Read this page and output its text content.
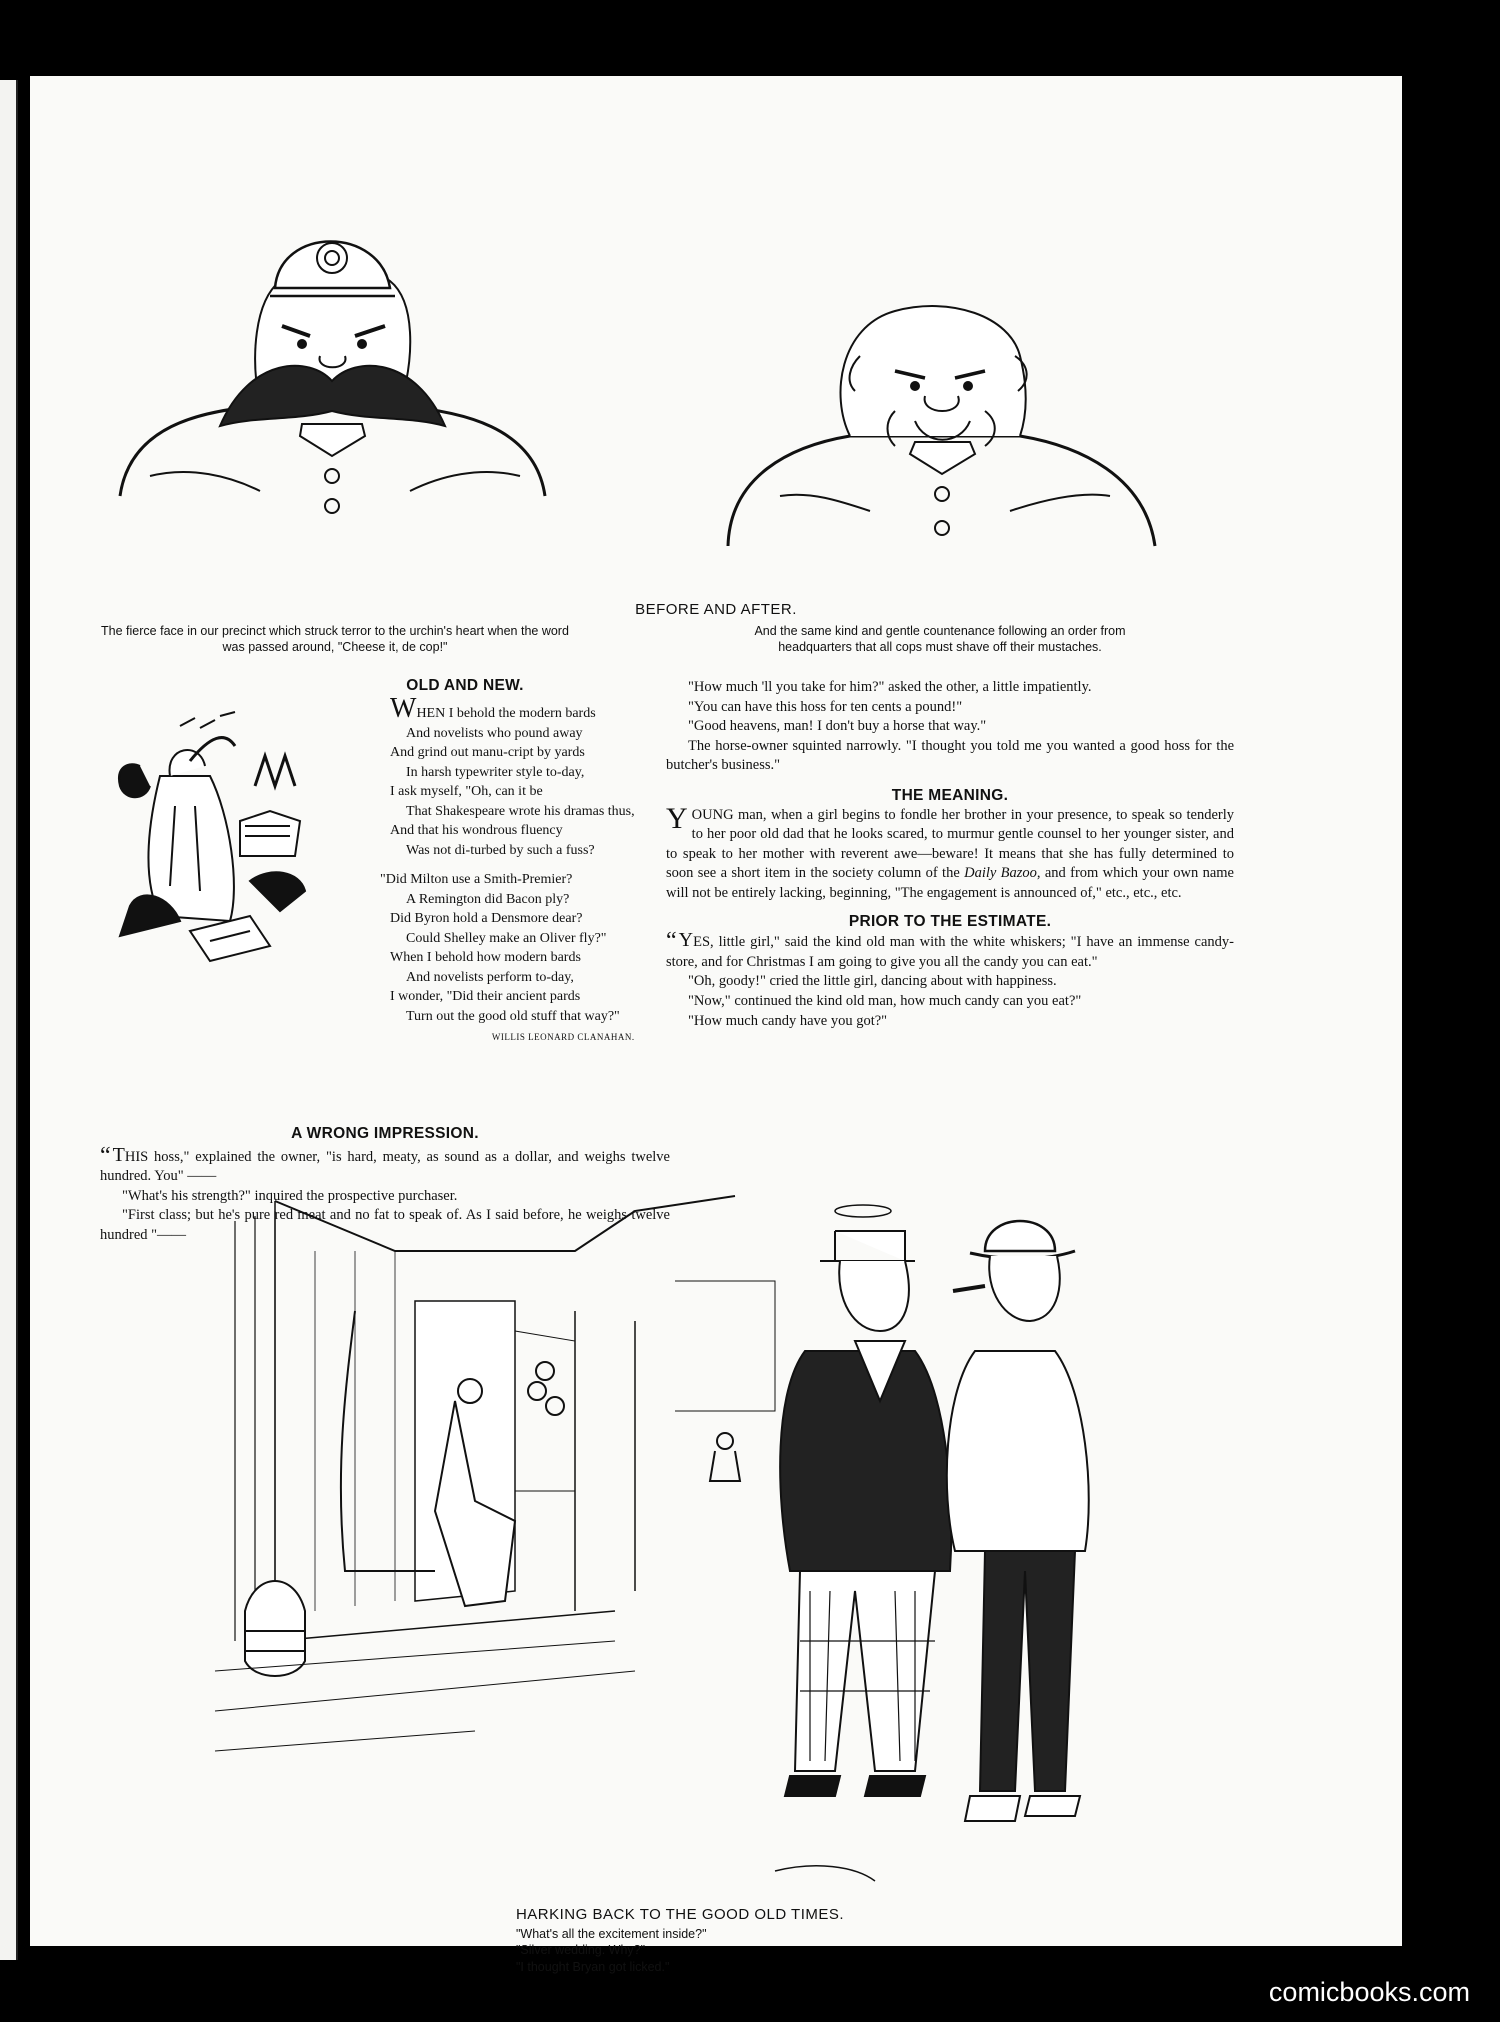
BEFORE AND AFTER.
The fierce face in our precinct which struck terror to the urchin's heart when the word was passed around, "Cheese it, de cop!"
And the same kind and gentle countenance following an order from headquarters that all cops must shave off their mustaches.
OLD AND NEW.
WHEN I behold the modern bards
And novelists who pound away
And grind out manu-cript by yards
In harsh typewriter style to-day,
I ask myself, "Oh, can it be
That Shakespeare wrote his dramas thus,
And that his wondrous fluency
Was not di-turbed by such a fuss?
"Did Milton use a Smith-Premier?
A Remington did Bacon ply?
Did Byron hold a Densmore dear?
Could Shelley make an Oliver fly?"
When I behold how modern bards
And novelists perform to-day,
I wonder, "Did their ancient pards
Turn out the good old stuff that way?"
WILLIS LEONARD CLANAHAN.
A WRONG IMPRESSION.

“ THIS hoss," explained the owner, "is hard, meaty, as sound as a dollar, and weighs twelve hundred. You" ——

"What's his strength?" inquired the prospective purchaser.

"First class; but he's pure red meat and no fat to speak of. As I said before, he weighs twelve hundred "——

"How much 'll you take for him?" asked the other, a little impatiently.

"You can have this hoss for ten cents a pound!"

"Good heavens, man! I don't buy a horse that way."

The horse-owner squinted narrowly. "I thought you told me you wanted a good hoss for the butcher's business."

THE MEANING.

YOUNG man, when a girl begins to fondle her brother in your presence, to speak so tenderly to her poor old dad that he looks scared, to murmur gentle counsel to her younger sister, and to speak to her mother with reverent awe—beware! It means that she has fully determined to soon see a short item in the society column of the Daily Bazoo, and from which your own name will not be entirely lacking, beginning, "The engagement is announced of," etc., etc., etc.

PRIOR TO THE ESTIMATE.

“ YES, little girl," said the kind old man with the white whiskers; "I have an immense candy-store, and for Christmas I am going to give you all the candy you can eat."

"Oh, goody!" cried the little girl, dancing about with happiness.

"Now," continued the kind old man, how much candy can you eat?"

"How much candy have you got?"

HARKING BACK TO THE GOOD OLD TIMES.
"What's all the excitement inside?"
"Silver wedding. Why?"
"I thought Bryan got licked."
comicbooks.com
